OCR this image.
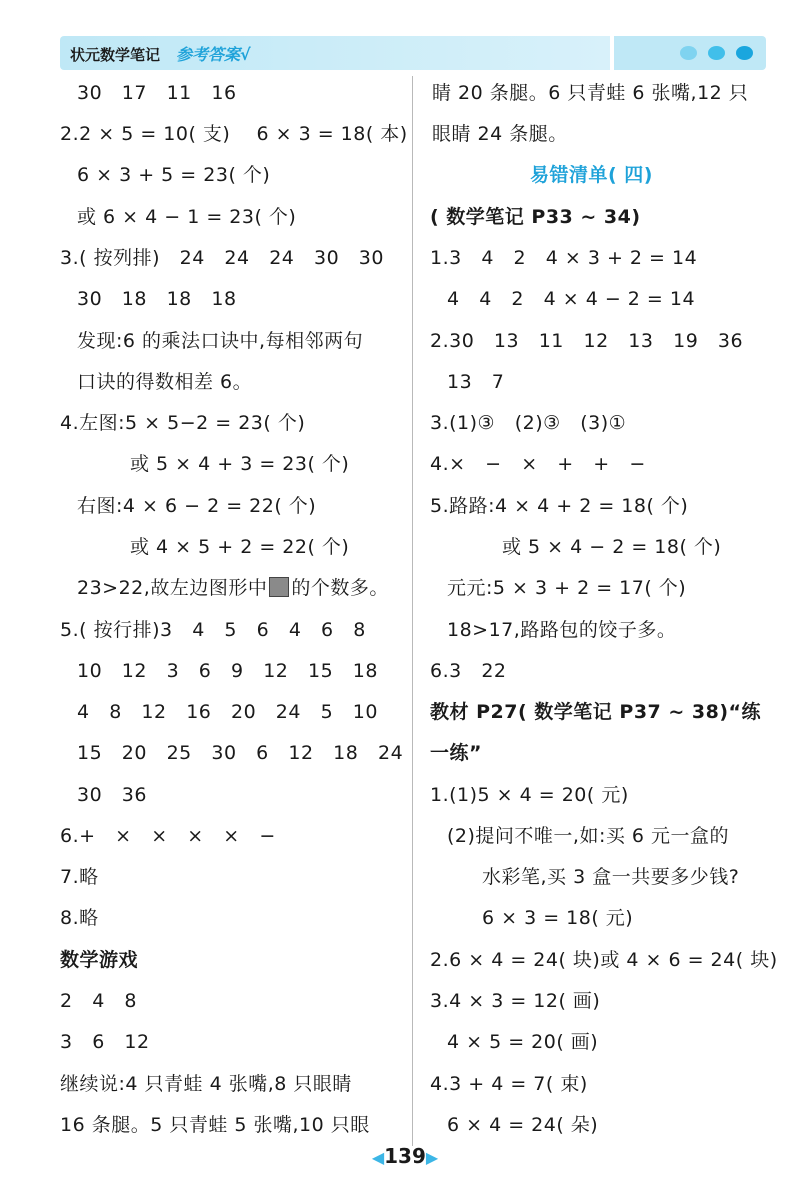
状元数学笔记 参考答案√
30   17   11   16
2.2 × 5 = 10( 支)    6 × 3 = 18( 本)
6 × 3 + 5 = 23( 个)
或 6 × 4 − 1 = 23( 个)
3.( 按列排)   24   24   24   30   30
30   18   18   18
发现:6 的乘法口诀中,每相邻两句
口诀的得数相差 6。
4.左图:5 × 5−2 = 23( 个)
或 5 × 4 + 3 = 23( 个)
右图:4 × 6 − 2 = 22( 个)
或 4 × 5 + 2 = 22( 个)
23>22,故左边图形中 的个数多。
5.( 按行排)3   4   5   6   4   6   8
10   12   3   6   9   12   15   18
4   8   12   16   20   24   5   10
15   20   25   30   6   12   18   24
30   36
6.+   ×   ×   ×   ×   −
7.略
8.略
数学游戏
2   4   8
3   6   12
继续说:4 只青蛙 4 张嘴,8 只眼睛
16 条腿。5 只青蛙 5 张嘴,10 只眼
睛 20 条腿。6 只青蛙 6 张嘴,12 只
眼睛 24 条腿。
易错清单( 四)
( 数学笔记 P33 ~ 34)
1.3   4   2   4 × 3 + 2 = 14
4   4   2   4 × 4 − 2 = 14
2.30   13   11   12   13   19   36
13   7
3.(1)③   (2)③   (3)①
4.×   −   ×   +   +   −
5.路路:4 × 4 + 2 = 18( 个)
或 5 × 4 − 2 = 18( 个)
元元:5 × 3 + 2 = 17( 个)
18>17,路路包的饺子多。
6.3   22
教材 P27( 数学笔记 P37 ~ 38)“练
一练”
1.(1)5 × 4 = 20( 元)
(2)提问不唯一,如:买 6 元一盒的
水彩笔,买 3 盒一共要多少钱?
6 × 3 = 18( 元)
2.6 × 4 = 24( 块)或 4 × 6 = 24( 块)
3.4 × 3 = 12( 画)
4 × 5 = 20( 画)
4.3 + 4 = 7( 束)
6 × 4 = 24( 朵)
◀139▶
